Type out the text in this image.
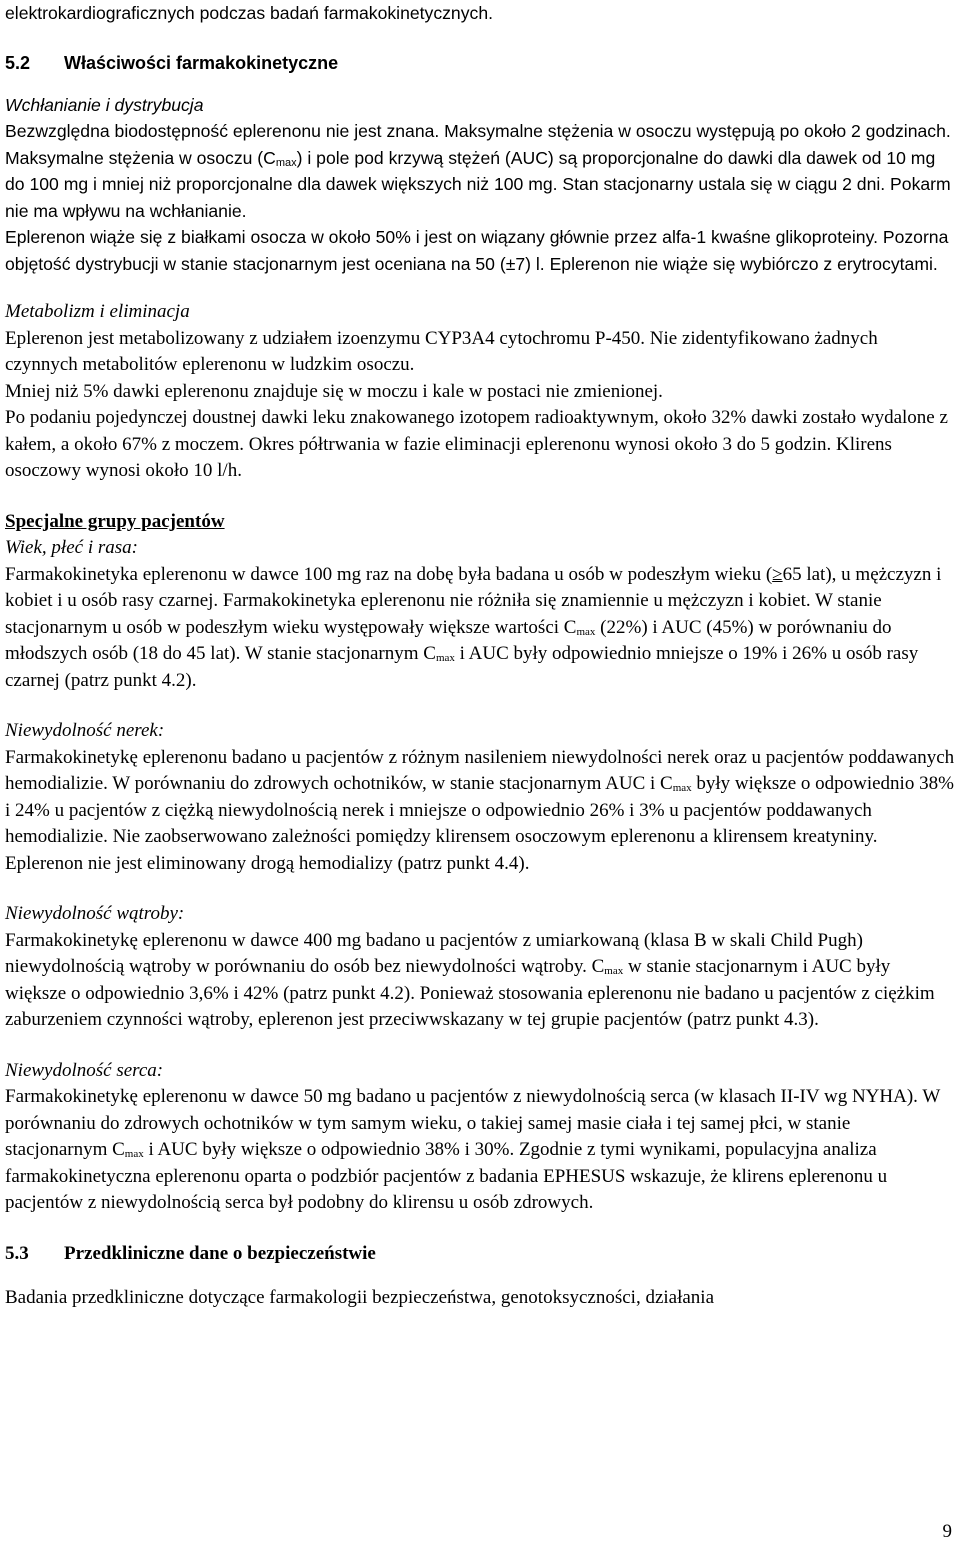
elektrokardiograficznych podczas badań farmakokinetycznych.

5.2 Właściwości farmakokinetyczne

Wchłanianie i dystrybucja

Bezwzględna biodostępność eplerenonu nie jest znana. Maksymalne stężenia w osoczu występują po około 2 godzinach. Maksymalne stężenia w osoczu $(C_{max})$ i pole pod krzywą stężeń (AUC) są proporcjonalne do dawki dla dawek od 10 mg do 100 mg i mniej niż proporcjonalne dla dawek większych niż 100 mg. Stan stacjonarny ustala się w ciągu 2 dni. Pokarm nie ma wpływu na wchłanianie.

Eplerenon wiąże się z białkami osocza w około 50% i jest on wiązany głównie przez alfa-1 kwaśne glikoproteiny. Pozorna objętość dystrybucji w stanie stacjonarnym jest oceniana na 50 (±7) l. Eplerenon nie wiąże się wybiórczo z erytrocytami.

Metabolizm i eliminacja

Eplerenon jest metabolizowany z udziałem izoenzymu CYP3A4 cytochromu P-450. Nie zidentyfikowano żadnych czynnych metabolitów eplerenonu w ludzkim osoczu.

Mniej niż 5% dawki eplerenonu znajduje się w moczu i kale w postaci nie zmienionej.

Po podaniu pojedynczej doustnej dawki leku znakowanego izotopem radioaktywnym, około 32% dawki zostało wydalone z kałem, a około 67% z moczem. Okres półtrwania w fazie eliminacji eplerenonu wynosi około 3 do 5 godzin. Klirens osoczowy wynosi około 10 l/h.

Specjalne grupy pacjentów

Wiek, płeć i rasa:

Farmakokinetyka eplerenonu w dawce 100 mg raz na dobę była badana u osób w podeszłym wieku (≥65 lat), u mężczyzn i kobiet i u osób rasy czarnej. Farmakokinetyka eplerenonu nie różniła się znamiennie u mężczyzn i kobiet. W stanie stacjonarnym u osób w podeszłym wieku występowały większe wartości $C_{max}$ (22%) i AUC (45%) w porównaniu do młodszych osób (18 do 45 lat). W stanie stacjonarnym $C_{max}$ i AUC były odpowiednio mniejsze o 19% i 26% u osób rasy czarnej (patrz punkt 4.2).

Niewydolność nerek:

Farmakokinetykę eplerenonu badano u pacjentów z różnym nasileniem niewydolności nerek oraz u pacjentów poddawanych hemodializie. W porównaniu do zdrowych ochotników, w stanie stacjonarnym AUC i $C_{max}$ były większe o odpowiednio 38% i 24% u pacjentów z ciężką niewydolnością nerek i mniejsze o odpowiednio 26% i 3% u pacjentów poddawanych hemodializie. Nie zaobserwowano zależności pomiędzy klirensem osoczowym eplerenonu a klirensem kreatyniny. Eplerenon nie jest eliminowany drogą hemodializy (patrz punkt 4.4).

Niewydolność wątroby:

Farmakokinetykę eplerenonu w dawce 400 mg badano u pacjentów z umiarkowaną (klasa B w skali Child Pugh) niewydolnością wątroby w porównaniu do osób bez niewydolności wątroby. $C_{max}$ w stanie stacjonarnym i AUC były większe o odpowiednio 3,6% i 42% (patrz punkt 4.2). Ponieważ stosowania eplerenonu nie badano u pacjentów z ciężkim zaburzeniem czynności wątroby, eplerenon jest przeciwwskazany w tej grupie pacjentów (patrz punkt 4.3).

Niewydolność serca:

Farmakokinetykę eplerenonu w dawce 50 mg badano u pacjentów z niewydolnością serca (w klasach II-IV wg NYHA). W porównaniu do zdrowych ochotników w tym samym wieku, o takiej samej masie ciała i tej samej płci, w stanie stacjonarnym $C_{max}$ i AUC były większe o odpowiednio 38% i 30%. Zgodnie z tymi wynikami, populacyjna analiza farmakokinetyczna eplerenonu oparta o podzbiór pacjentów z badania EPHESUS wskazuje, że klirens eplerenonu u pacjentów z niewydolnością serca był podobny do klirensu u osób zdrowych.

5.3 Przedkliniczne dane o bezpieczeństwie

Badania przedkliniczne dotyczące farmakologii bezpieczeństwa, genotoksyczności, działania

9
